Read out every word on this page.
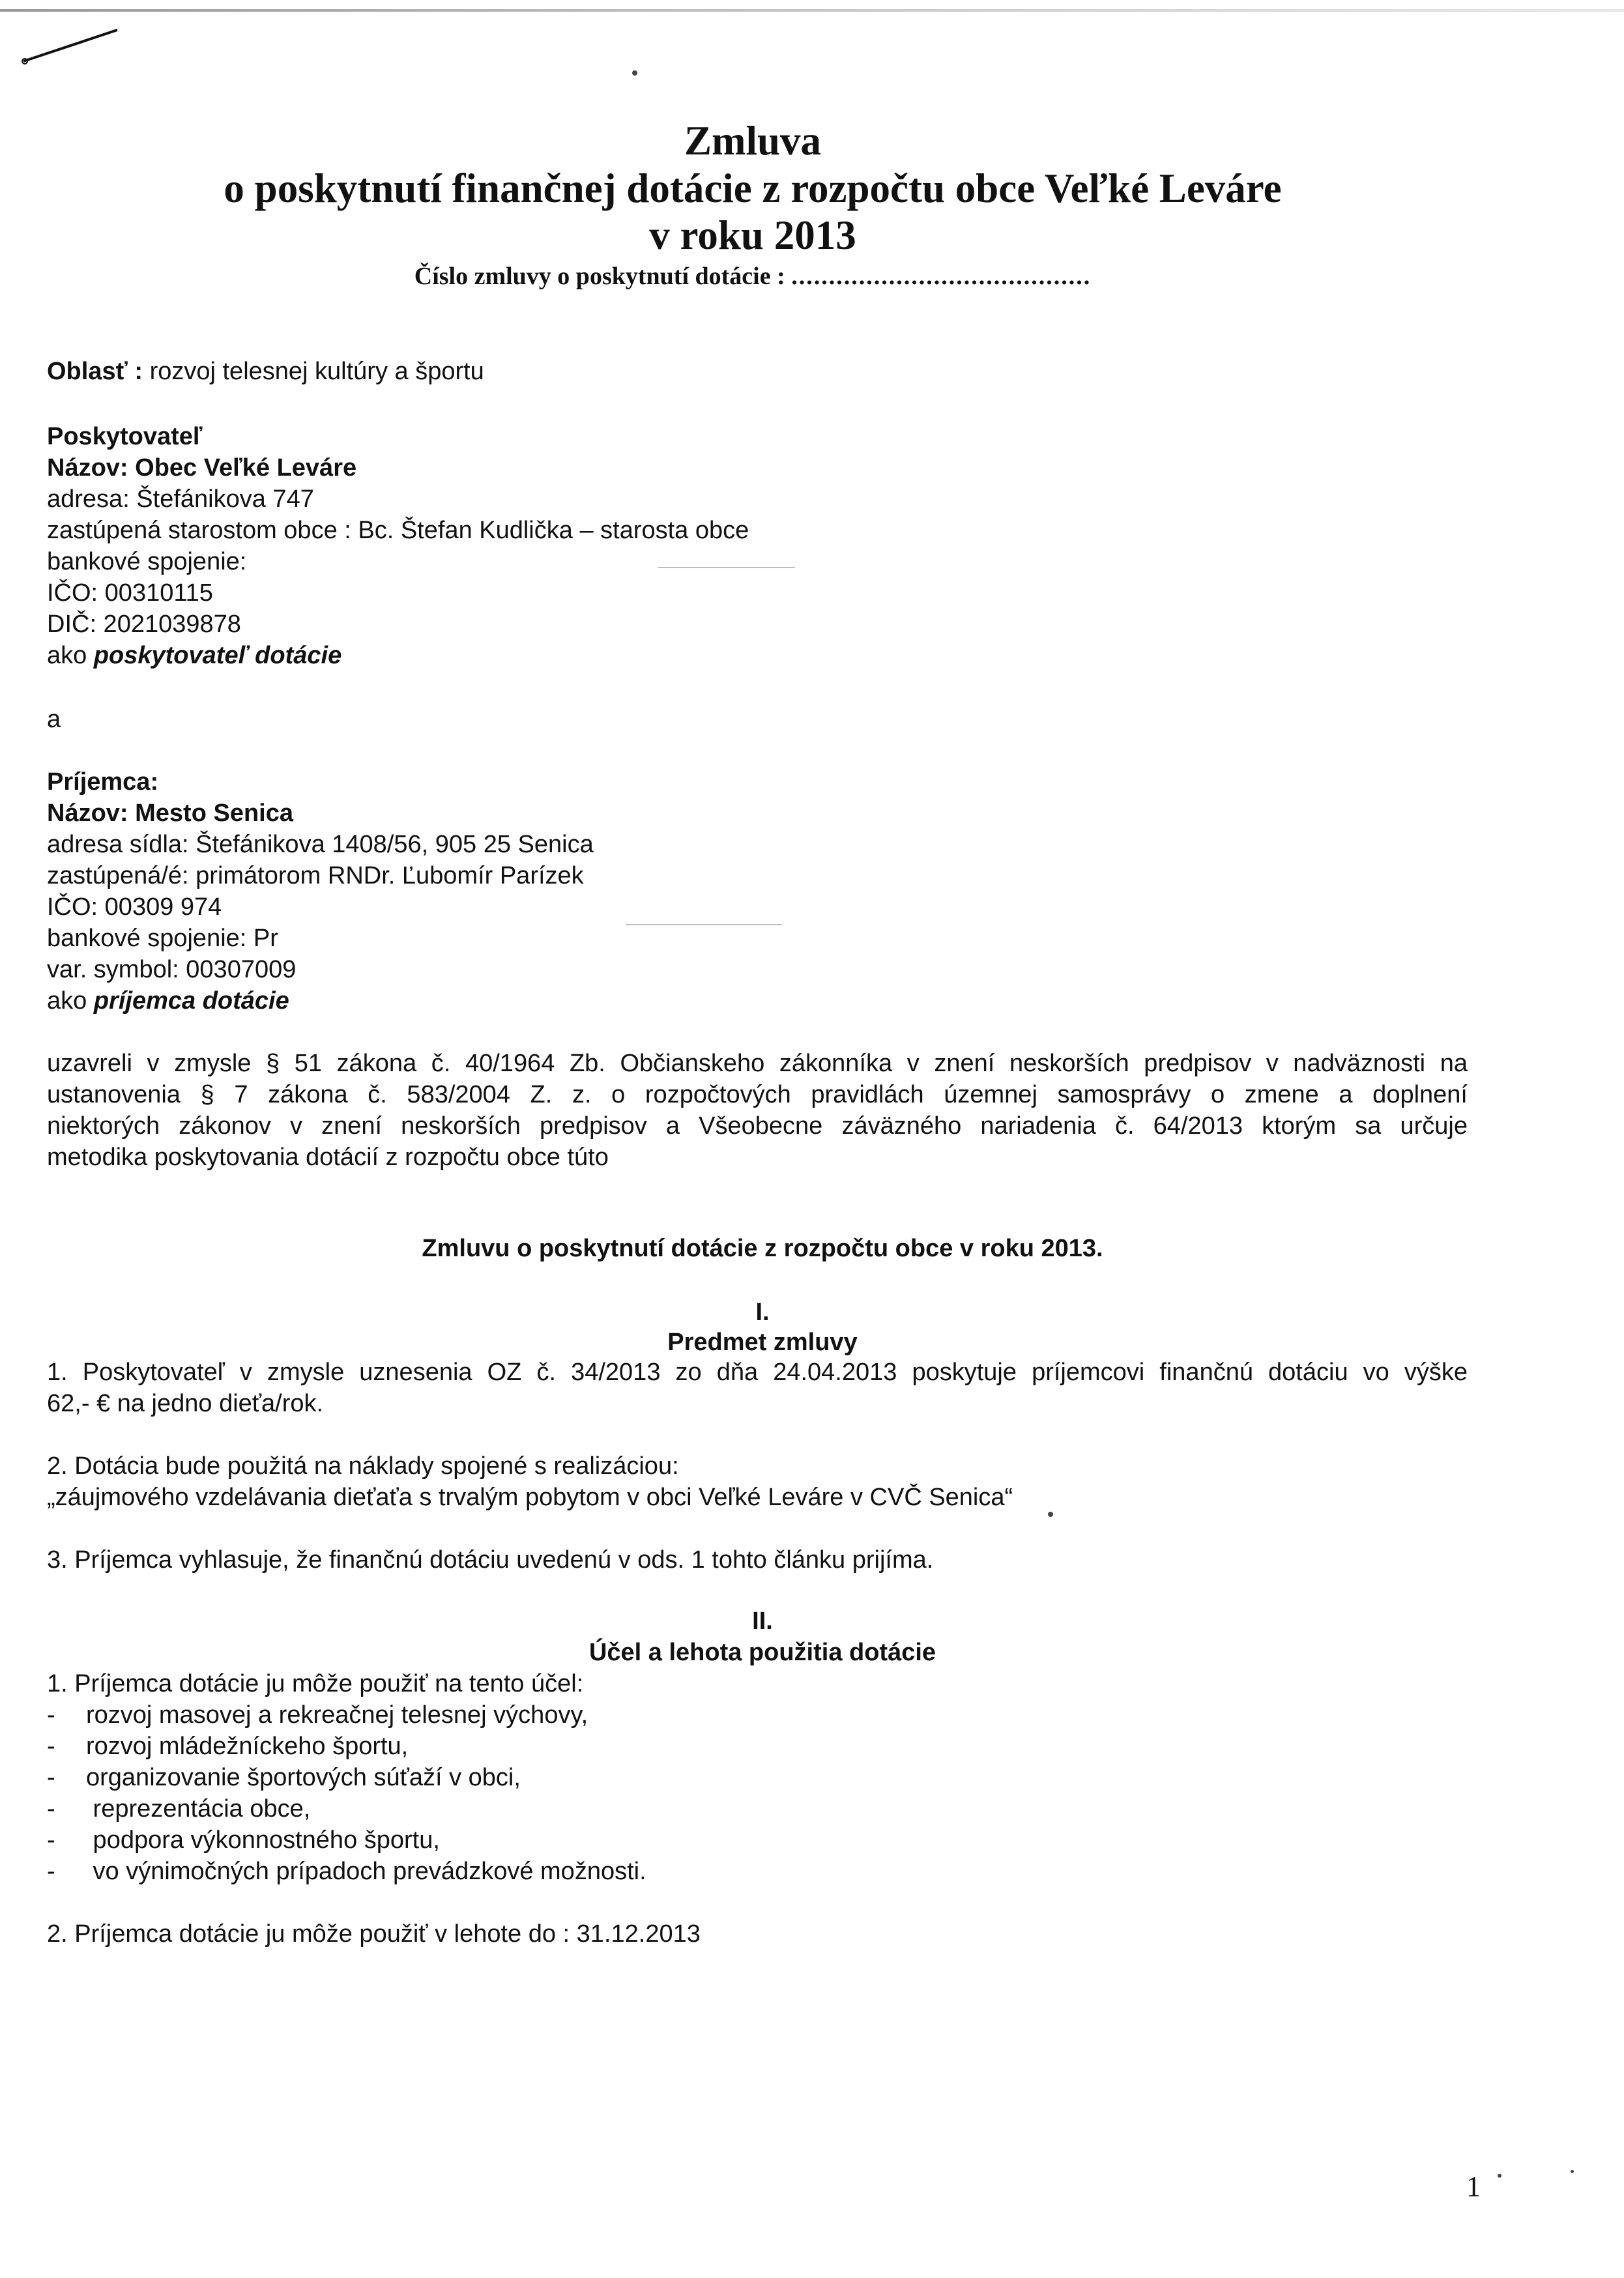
Zmluva
o poskytnutí finančnej dotácie z rozpočtu obce Veľké Leváre
v roku 2013
Číslo zmluvy o poskytnutí dotácie : ........................................
Oblasť : rozvoj telesnej kultúry a športu
Poskytovateľ
Názov: Obec Veľké Leváre
adresa: Štefánikova 747
zastúpená starostom obce : Bc. Štefan Kudlička – starosta obce
bankové spojenie:
IČO: 00310115
DIČ: 2021039878
ako poskytovateľ dotácie
a
Príjemca:
Názov: Mesto Senica
adresa sídla: Štefánikova 1408/56, 905 25 Senica
zastúpená/é: primátorom RNDr. Ľubomír Parízek
IČO: 00309 974
bankové spojenie: Pr
var. symbol: 00307009
ako príjemca dotácie
uzavreli v zmysle § 51 zákona č. 40/1964 Zb. Občianskeho zákonníka v znení neskorších predpisov v nadväznosti na
ustanovenia § 7 zákona č. 583/2004 Z. z. o rozpočtových pravidlách územnej samosprávy o zmene a doplnení
niektorých zákonov v znení neskorších predpisov a Všeobecne záväzného nariadenia č. 64/2013 ktorým sa určuje
metodika poskytovania dotácií z rozpočtu obce túto
Zmluvu o poskytnutí dotácie z rozpočtu obce v roku 2013.
I.
Predmet zmluvy
1. Poskytovateľ v zmysle uznesenia OZ č. 34/2013 zo dňa 24.04.2013 poskytuje príjemcovi finančnú dotáciu vo výške
62,- € na jedno dieťa/rok.
2. Dotácia bude použitá na náklady spojené s realizáciou:
„záujmového vzdelávania dieťaťa s trvalým pobytom v obci Veľké Leváre v CVČ Senica“
3. Príjemca vyhlasuje, že finančnú dotáciu uvedenú v ods. 1 tohto článku prijíma.
II.
Účel a lehota použitia dotácie
1. Príjemca dotácie ju môže použiť na tento účel:
- rozvoj masovej a rekreačnej telesnej výchovy,
- rozvoj mládežníckeho športu,
- organizovanie športových súťaží v obci,
- reprezentácia obce,
- podpora výkonnostného športu,
- vo výnimočných prípadoch prevádzkové možnosti.
2. Príjemca dotácie ju môže použiť v lehote do : 31.12.2013
1
